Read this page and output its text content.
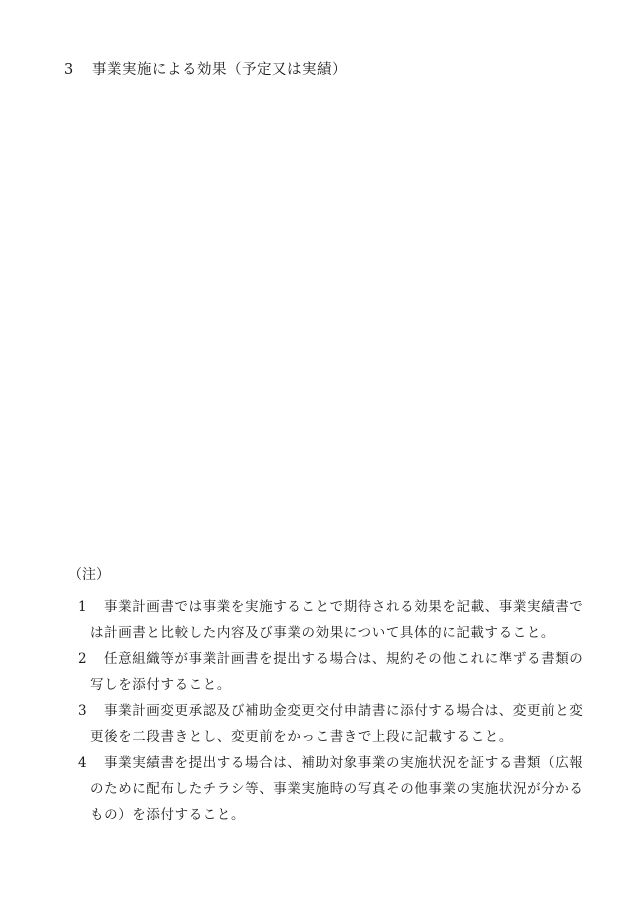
3 事業実施による効果（予定又は実績）
（注）
1 事業計画書では事業を実施することで期待される効果を記載、事業実績書で
は計画書と比較した内容及び事業の効果について具体的に記載すること。
2 任意組織等が事業計画書を提出する場合は、規約その他これに準ずる書類の
写しを添付すること。
3 事業計画変更承認及び補助金変更交付申請書に添付する場合は、変更前と変
更後を二段書きとし、変更前をかっこ書きで上段に記載すること。
4 事業実績書を提出する場合は、補助対象事業の実施状況を証する書類（広報
のために配布したチラシ等、事業実施時の写真その他事業の実施状況が分かる
もの）を添付すること。
